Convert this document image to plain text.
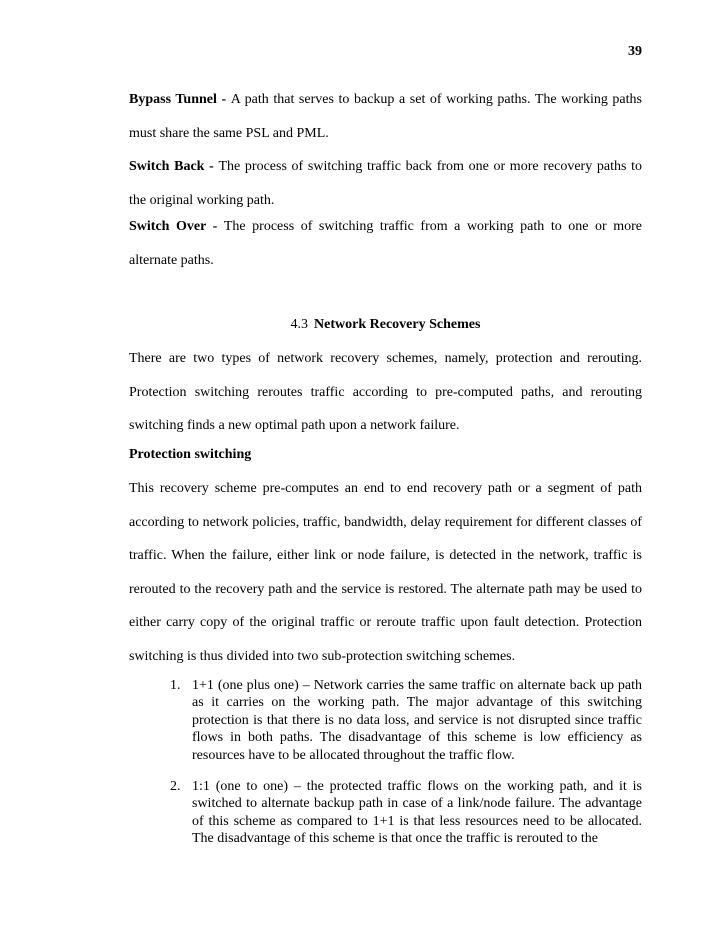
39

Bypass Tunnel - A path that serves to backup a set of working paths. The working paths must share the same PSL and PML.

Switch Back - The process of switching traffic back from one or more recovery paths to the original working path.

Switch Over - The process of switching traffic from a working path to one or more alternate paths.

4.3 Network Recovery Schemes

There are two types of network recovery schemes, namely, protection and rerouting. Protection switching reroutes traffic according to pre-computed paths, and rerouting switching finds a new optimal path upon a network failure.

Protection switching

This recovery scheme pre-computes an end to end recovery path or a segment of path according to network policies, traffic, bandwidth, delay requirement for different classes of traffic. When the failure, either link or node failure, is detected in the network, traffic is rerouted to the recovery path and the service is restored. The alternate path may be used to either carry copy of the original traffic or reroute traffic upon fault detection. Protection switching is thus divided into two sub-protection switching schemes.

1. 1+1 (one plus one) – Network carries the same traffic on alternate back up path as it carries on the working path. The major advantage of this switching protection is that there is no data loss, and service is not disrupted since traffic flows in both paths. The disadvantage of this scheme is low efficiency as resources have to be allocated throughout the traffic flow.

2. 1:1 (one to one) – the protected traffic flows on the working path, and it is switched to alternate backup path in case of a link/node failure. The advantage of this scheme as compared to 1+1 is that less resources need to be allocated. The disadvantage of this scheme is that once the traffic is rerouted to the
